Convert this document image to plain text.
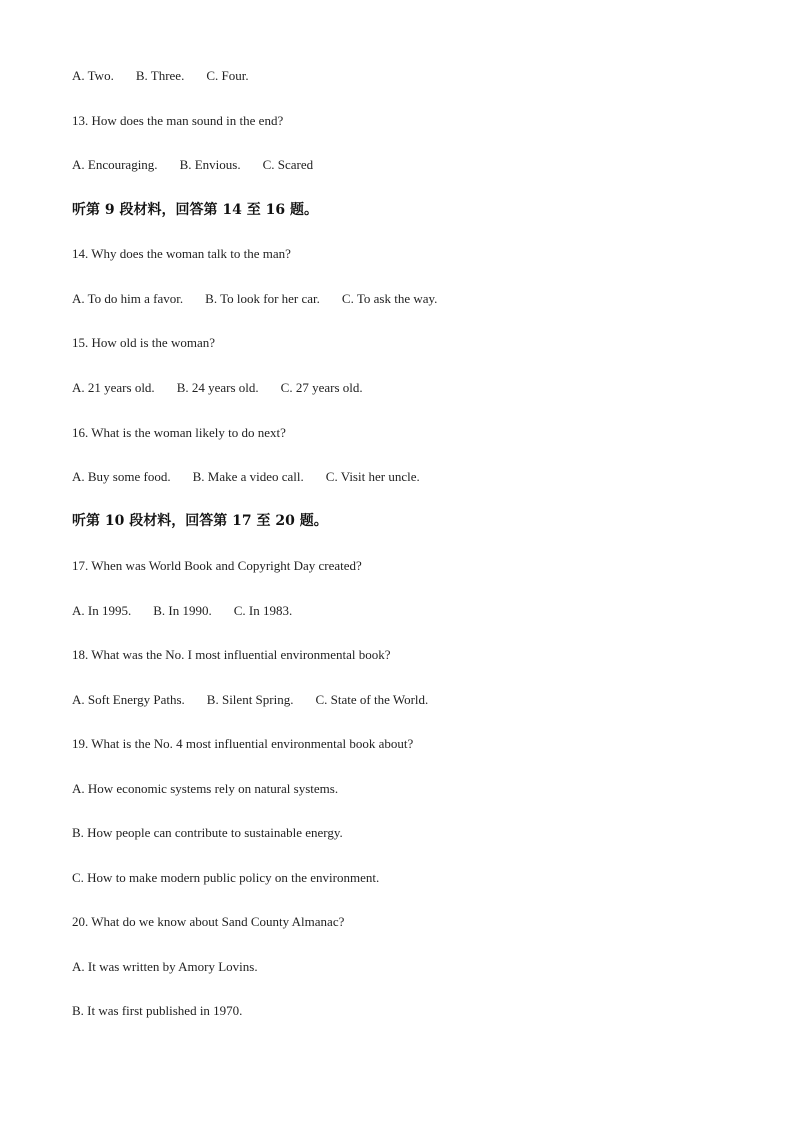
A. Two. B. Three. C. Four.
13. How does the man sound in the end?
A. Encouraging. B. Envious. C. Scared
听第 9 段材料，回答第 14 至 16 题。
14. Why does the woman talk to the man?
A. To do him a favor. B. To look for her car. C. To ask the way.
15. How old is the woman?
A. 21 years old. B. 24 years old. C. 27 years old.
16. What is the woman likely to do next?
A. Buy some food. B. Make a video call. C. Visit her uncle.
听第 10 段材料，回答第 17 至 20 题。
17. When was World Book and Copyright Day created?
A. In 1995. B. In 1990. C. In 1983.
18. What was the No. I most influential environmental book?
A. Soft Energy Paths. B. Silent Spring. C. State of the World.
19. What is the No. 4 most influential environmental book about?
A. How economic systems rely on natural systems.
B. How people can contribute to sustainable energy.
C. How to make modern public policy on the environment.
20. What do we know about Sand County Almanac?
A. It was written by Amory Lovins.
B. It was first published in 1970.
